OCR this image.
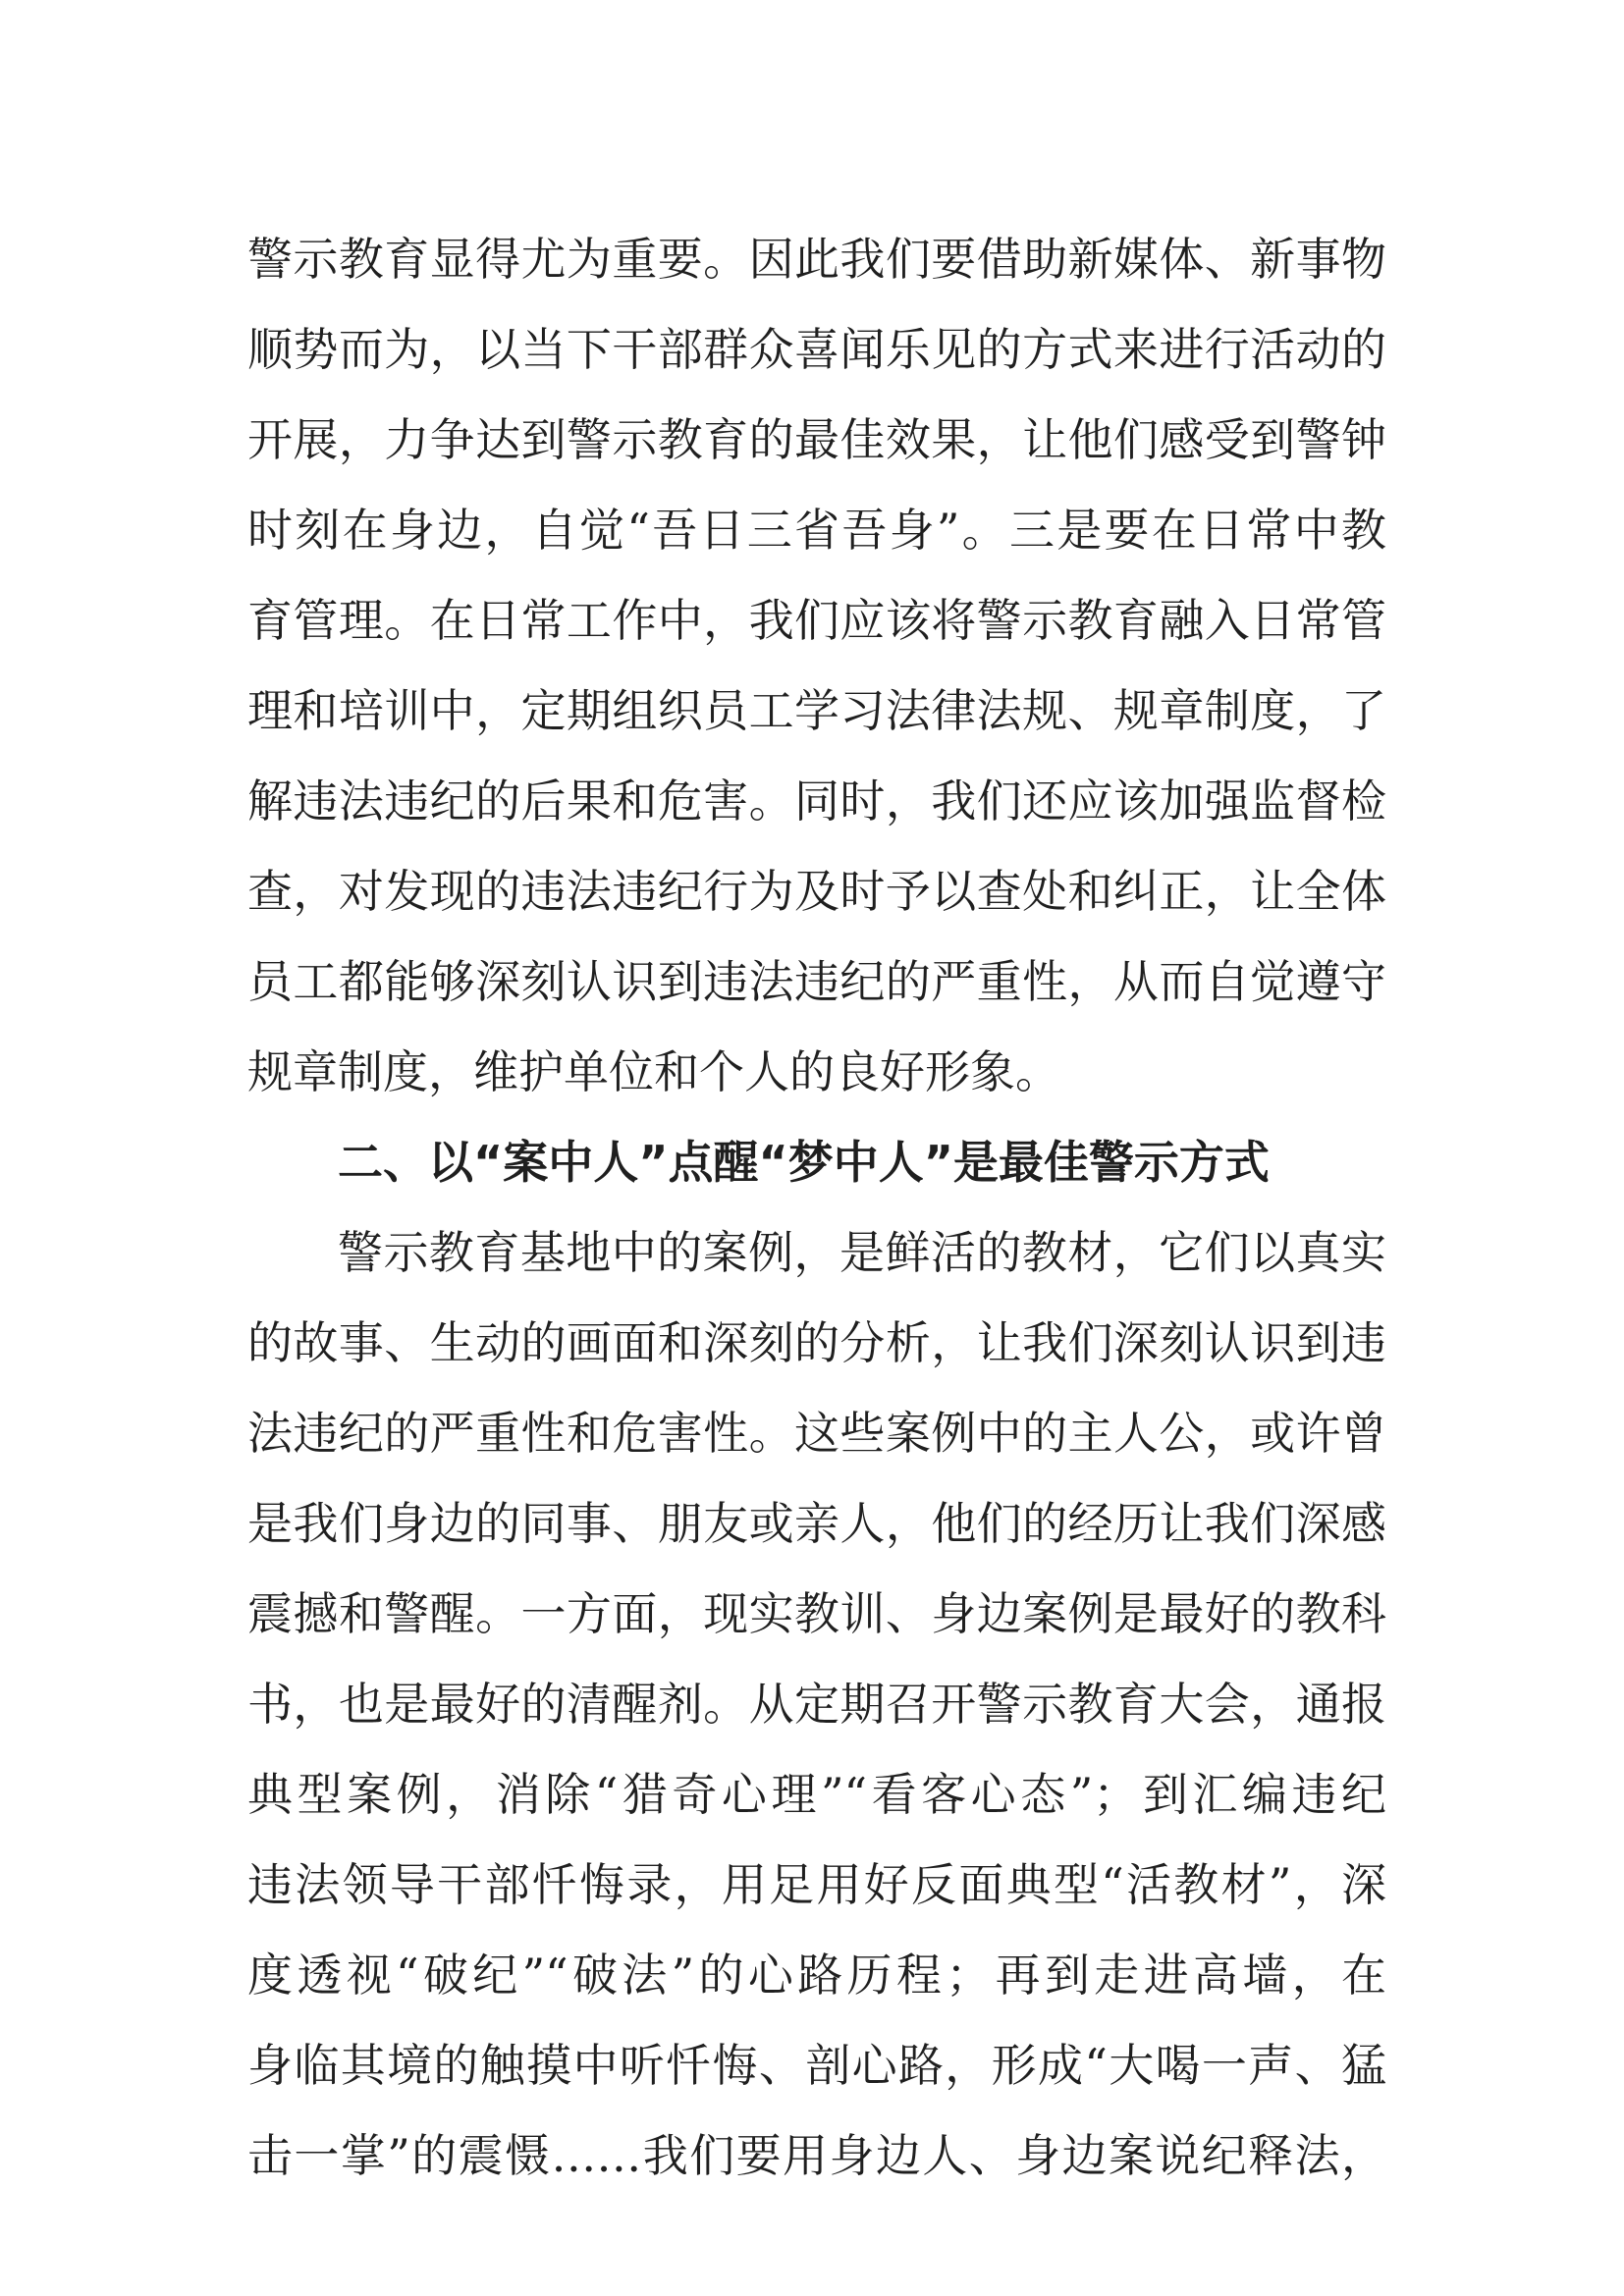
警示教育显得尤为重要。因此我们要借助新媒体、新事物
顺势而为，以当下干部群众喜闻乐见的方式来进行活动的
开展，力争达到警示教育的最佳效果，让他们感受到警钟
时刻在身边，自觉“吾日三省吾身”。三是要在日常中教
育管理。在日常工作中，我们应该将警示教育融入日常管
理和培训中，定期组织员工学习法律法规、规章制度，了
解违法违纪的后果和危害。同时，我们还应该加强监督检
查，对发现的违法违纪行为及时予以查处和纠正，让全体
员工都能够深刻认识到违法违纪的严重性，从而自觉遵守
规章制度，维护单位和个人的良好形象。
二、以“案中人”点醒“梦中人”是最佳警示方式
警示教育基地中的案例，是鲜活的教材，它们以真实
的故事、生动的画面和深刻的分析，让我们深刻认识到违
法违纪的严重性和危害性。这些案例中的主人公，或许曾
是我们身边的同事、朋友或亲人，他们的经历让我们深感
震撼和警醒。一方面，现实教训、身边案例是最好的教科
书，也是最好的清醒剂。从定期召开警示教育大会，通报
典型案例，消除“猎奇心理”“看客心态”；到汇编违纪
违法领导干部忏悔录，用足用好反面典型“活教材”，深
度透视“破纪”“破法”的心路历程；再到走进高墙，在
身临其境的触摸中听忏悔、剖心路，形成“大喝一声、猛
击一掌”的震慑……我们要用身边人、身边案说纪释法，
